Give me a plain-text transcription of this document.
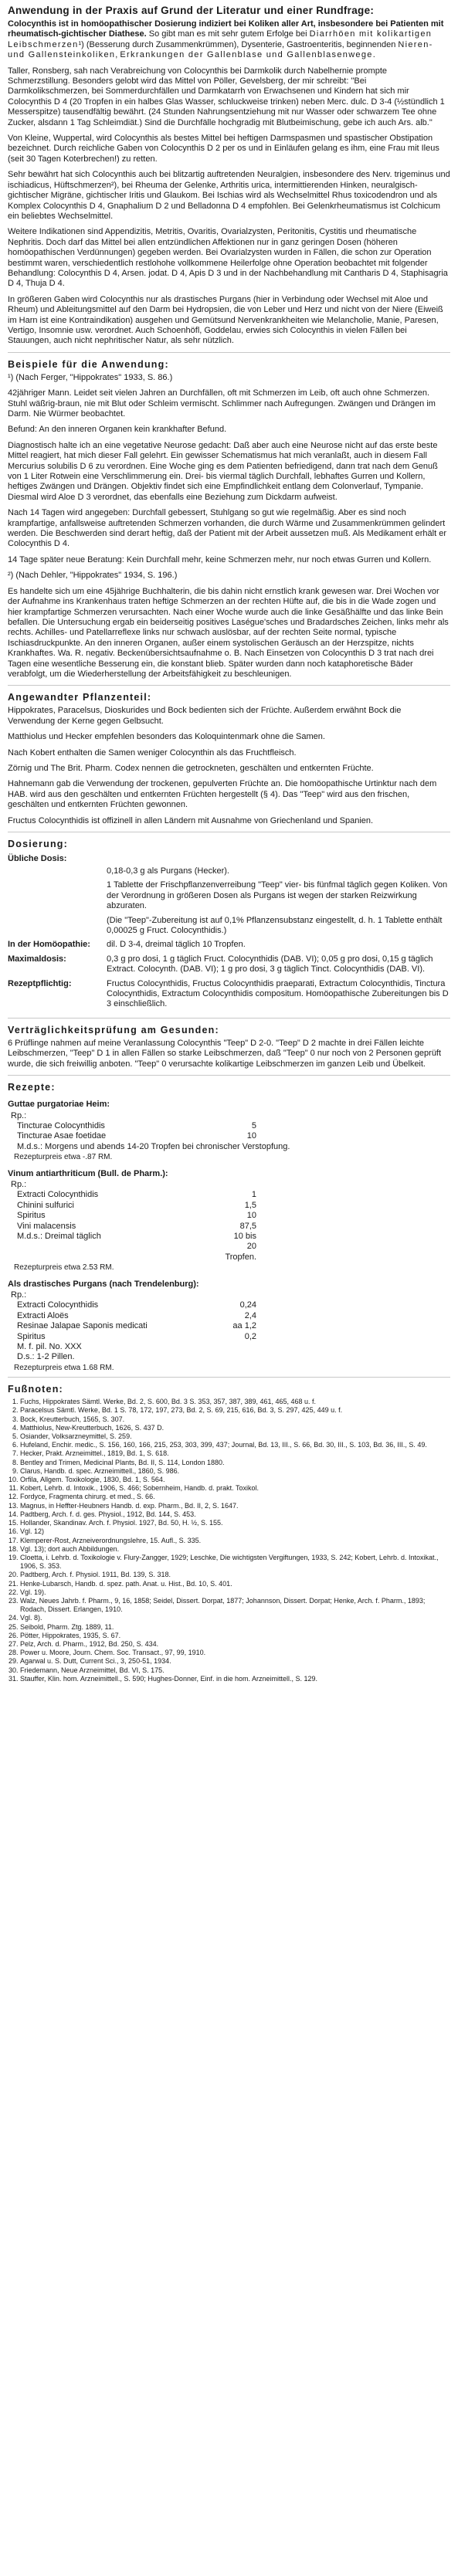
Anwendung in der Praxis auf Grund der Literatur und einer Rundfrage:

Colocynthis ist in homöopathischer Dosierung indiziert bei Koliken aller Art, insbesondere bei Patienten mit rheumatisch-gichtischer Diathese. So gibt man es mit sehr gutem Erfolge bei Diarrhöen mit kolikartigen Leibschmerzen¹) (Besserung durch Zusammenkrümmen), Dysenterie, Gastroenteritis, beginnenden Nieren- und Gallensteinkoliken, Erkrankungen der Gallenblase und Gallenblasenwege.

Taller, Ronsberg, sah nach Verabreichung von Colocynthis bei Darmkolik durch Nabelhernie prompte Schmerzstillung. Besonders gelobt wird das Mittel von Pöller, Gevelsberg, der mir schreibt: "Bei Darmkolikschmerzen, bei Sommerdurchfällen und Darmkatarrh von Erwachsenen und Kindern hat sich mir Colocynthis D 4 (20 Tropfen in ein halbes Glas Wasser, schluckweise trinken) neben Merc. dulc. D 3-4 (½stündlich 1 Messerspitze) tausendfältig bewährt. (24 Stunden Nahrungsentziehung mit nur Wasser oder schwarzem Tee ohne Zucker, alsdann 1 Tag Schleimdiät.) Sind die Durchfälle hochgradig mit Blutbeimischung, gebe ich auch Ars. alb."

Von Kleine, Wuppertal, wird Colocynthis als bestes Mittel bei heftigen Darmspasmen und spastischer Obstipation bezeichnet. Durch reichliche Gaben von Colocynthis D 2 per os und in Einläufen gelang es ihm, eine Frau mit Ileus (seit 30 Tagen Koterbrechen!) zu retten.

Sehr bewährt hat sich Colocynthis auch bei blitzartig auftretenden Neuralgien, insbesondere des Nerv. trigeminus und ischiadicus, Hüftschmerzen²), bei Rheuma der Gelenke, Arthritis urica, intermittierenden Hinken, neuralgisch-gichtischer Migräne, gichtischer Iritis und Glaukom. Bei Ischias wird als Wechselmittel Rhus toxicodendron und als Komplex Colocynthis D 4, Gnaphalium D 2 und Belladonna D 4 empfohlen. Bei Gelenkrheumatismus ist Colchicum ein beliebtes Wechselmittel.

Weitere Indikationen sind Appendizitis, Metritis, Ovaritis, Ovarialzysten, Peritonitis, Cystitis und rheumatische Nephritis. Doch darf das Mittel bei allen entzündlichen Affektionen nur in ganz geringen Dosen (höheren homöopathischen Verdünnungen) gegeben werden. Bei Ovarialzysten wurden in Fällen, die schon zur Operation bestimmt waren, verschiedentlich restlohohe vollkommene Heilerfolge ohne Operation beobachtet mit folgender Behandlung: Colocynthis D 4, Arsen. jodat. D 4, Apis D 3 und in der Nachbehandlung mit Cantharis D 4, Staphisagria D 4, Thuja D 4.

In größeren Gaben wird Colocynthis nur als drastisches Purgans (hier in Verbindung oder Wechsel mit Aloe und Rheum) und Ableitungsmittel auf den Darm bei Hydropsien, die von Leber und Herz und nicht von der Niere (Eiweiß im Harn ist eine Kontraindikation) ausgehen und Gemütsund Nervenkrankheiten wie Melancholie, Manie, Paresen, Vertigo, Insomnie usw. verordnet. Auch Schoenhöfl, Goddelau, erwies sich Colocynthis in vielen Fällen bei Stauungen, auch nicht nephritischer Natur, als sehr nützlich.

Beispiele für die Anwendung:

¹) (Nach Ferger, "Hippokrates" 1933, S. 86.)

42jähriger Mann. Leidet seit vielen Jahren an Durchfällen, oft mit Schmerzen im Leib, oft auch ohne Schmerzen. Stuhl wäßrig-braun, nie mit Blut oder Schleim vermischt. Schlimmer nach Aufregungen. Zwängen und Drängen im Darm. Nie Würmer beobachtet.

Befund: An den inneren Organen kein krankhafter Befund.

Diagnostisch halte ich an eine vegetative Neurose gedacht: Daß aber auch eine Neurose nicht auf das erste beste Mittel reagiert, hat mich dieser Fall gelehrt. Ein gewisser Schematismus hat mich veranlaßt, auch in diesem Fall Mercurius solubilis D 6 zu verordnen. Eine Woche ging es dem Patienten befriedigend, dann trat nach dem Genuß von 1 Liter Rotwein eine Verschlimmerung ein. Drei- bis viermal täglich Durchfall, lebhaftes Gurren und Kollern, heftiges Zwängen und Drängen. Objektiv findet sich eine Empfindlichkeit entlang dem Colonverlauf, Tympanie. Diesmal wird Aloe D 3 verordnet, das ebenfalls eine Beziehung zum Dickdarm aufweist.

Nach 14 Tagen wird angegeben: Durchfall gebessert, Stuhlgang so gut wie regelmäßig. Aber es sind noch krampfartige, anfallsweise auftretenden Schmerzen vorhanden, die durch Wärme und Zusammenkrümmen gelindert werden. Die Beschwerden sind derart heftig, daß der Patient mit der Arbeit aussetzen muß. Als Medikament erhält er Colocynthis D 4.

14 Tage später neue Beratung: Kein Durchfall mehr, keine Schmerzen mehr, nur noch etwas Gurren und Kollern.

²) (Nach Dehler, "Hippokrates" 1934, S. 196.)

Es handelte sich um eine 45jährige Buchhalterin, die bis dahin nicht ernstlich krank gewesen war. Drei Wochen vor der Aufnahme ins Krankenhaus traten heftige Schmerzen an der rechten Hüfte auf, die bis in die Wade zogen und hier krampfartige Schmerzen verursachten. Nach einer Woche wurde auch die linke Gesäßhälfte und das linke Bein befallen. Die Untersuchung ergab ein beiderseitig positives Laségue'sches und Bradardsches Zeichen, links mehr als rechts. Achilles- und Patellarreflexe links nur schwach auslösbar, auf der rechten Seite normal, typische Ischiasdruckpunkte. An den inneren Organen, außer einem systolischen Geräusch an der Herzspitze, nichts Krankhaftes. Wa. R. negativ. Beckenübersichtsaufnahme o. B. Nach Einsetzen von Colocynthis D 3 trat nach drei Tagen eine wesentliche Besserung ein, die konstant blieb. Später wurden dann noch kataphoretische Bäder verabfolgt, um die Wiederherstellung der Arbeitsfähigkeit zu beschleunigen.

Angewandter Pflanzenteil:

Hippokrates, Paracelsus, Dioskurides und Bock bedienten sich der Früchte. Außerdem erwähnt Bock die Verwendung der Kerne gegen Gelbsucht.

Matthiolus und Hecker empfehlen besonders das Koloquintenmark ohne die Samen.

Nach Kobert enthalten die Samen weniger Colocynthin als das Fruchtfleisch.

Zörnig und The Brit. Pharm. Codex nennen die getrockneten, geschälten und entkernten Früchte.

Hahnemann gab die Verwendung der trockenen, gepulverten Früchte an. Die homöopathische Urtinktur nach dem HAB. wird aus den geschälten und entkernten Früchten hergestellt (§ 4). Das "Teep" wird aus den frischen, geschälten und entkernten Früchten gewonnen.

Fructus Colocynthidis ist offizinell in allen Ländern mit Ausnahme von Griechenland und Spanien.

Dosierung:
Übliche Dosis:
	0,18-0,3 g als Purgans (Hecker).
	1 Tablette der Frischpflanzenverreibung "Teep" vier- bis fünfmal täglich gegen Koliken. Von der Verordnung in größeren Dosen als Purgans ist wegen der starken Reizwirkung abzuraten.
	(Die "Teep"-Zubereitung ist auf 0,1% Pflanzensubstanz eingestellt, d. h. 1 Tablette enthält 0,00025 g Fruct. Colocynthidis.)
In der Homöopathie:	dil. D 3-4, dreimal täglich 10 Tropfen.
Maximaldosis:	0,3 g pro dosi, 1 g täglich Fruct. Colocynthidis (DAB. VI); 0,05 g pro dosi, 0,15 g täglich Extract. Colocynth. (DAB. VI); 1 g pro dosi, 3 g täglich Tinct. Colocynthidis (DAB. VI).
Rezeptpflichtig:	Fructus Colocynthidis, Fructus Colocynthidis praeparati, Extractum Colocynthidis, Tinctura Colocynthidis, Extractum Colocynthidis compositum. Homöopathische Zubereitungen bis D 3 einschließlich.
Verträglichkeitsprüfung am Gesunden:

6 Prüflinge nahmen auf meine Veranlassung Colocynthis "Teep" D 2-0. "Teep" D 2 machte in drei Fällen leichte Leibschmerzen, "Teep" D 1 in allen Fällen so starke Leibschmerzen, daß "Teep" 0 nur noch von 2 Personen geprüft wurde, die sich freiwillig anboten. "Teep" 0 verursachte kolikartige Leibschmerzen im ganzen Leib und Übelkeit.

Rezepte:
Guttae purgatoriae Heim:
Rp.:
Tincturae Colocynthidis	5
Tincturae Asae foetidae	10
M.d.s.: Morgens und abends 14-20 Tropfen bei chronischer Verstopfung.
Rezepturpreis etwa -.87 RM.
Vinum antiarthriticum (Bull. de Pharm.):
Rp.:
Extracti Colocynthidis	1
Chinini sulfurici	1,5
Spiritus	10
Vini malacensis	87,5
M.d.s.: Dreimal täglich	10 bis
20
Tropfen.
Rezepturpreis etwa 2.53 RM.
Als drastisches Purgans (nach Trendelenburg):
Rp.:
Extracti Colocynthidis	0,24
Extracti Aloës	2,4
Resinae Jalapae Saponis medicati	aa 1,2
Spiritus	0,2
M. f. pil. No. XXX
D.s.: 1-2 Pillen.
Rezepturpreis etwa 1.68 RM.
Fußnoten:
1. Fuchs, Hippokrates Sämtl. Werke, Bd. 2, S. 600, Bd. 3 S. 353, 357, 387, 389, 461, 465, 468 u. f.
2. Paracelsus Sämtl. Werke, Bd. 1 S. 78, 172, 197, 273, Bd. 2, S. 69, 215, 616, Bd. 3, S. 297, 425, 449 u. f.
3. Bock, Kreutterbuch, 1565, S. 307.
4. Matthiolus, New-Kreutterbuch, 1626, S. 437 D.
5. Osiander, Volksarzneymittel, S. 259.
6. Hufeland, Enchir. medic., S. 156, 160, 166, 215, 253, 303, 399, 437; Journal, Bd. 13, III., S. 66, Bd. 30, III., S. 103, Bd. 36, III., S. 49.
7. Hecker, Prakt. Arzneimittel., 1819, Bd. 1, S. 618.
8. Bentley and Trimen, Medicinal Plants, Bd. II, S. 114, London 1880.
9. Clarus, Handb. d. spec. Arzneimittell., 1860, S. 986.
10. Orfila, Allgem. Toxikologie, 1830, Bd. 1, S. 564.
11. Kobert, Lehrb. d. Intoxik., 1906, S. 466; Sobernheim, Handb. d. prakt. Toxikol.
12. Fordyce, Fragmenta chirurg. et med., S. 66.
13. Magnus, in Heffter-Heubners Handb. d. exp. Pharm., Bd. II, 2, S. 1647.
14. Padtberg, Arch. f. d. ges. Physiol., 1912, Bd. 144, S. 453.
15. Hollander, Skandinav. Arch. f. Physiol. 1927, Bd. 50, H. ½, S. 155.
16. Vgl. 12)
17. Klemperer-Rost, Arzneiverordnungslehre, 15. Aufl., S. 335.
18. Vgl. 13); dort auch Abbildungen.
19. Cloetta, i. Lehrb. d. Toxikologie v. Flury-Zangger, 1929; Leschke, Die wichtigsten Vergiftungen, 1933, S. 242; Kobert, Lehrb. d. Intoxikat., 1906, S. 353.
20. Padtberg, Arch. f. Physiol. 1911, Bd. 139, S. 318.
21. Henke-Lubarsch, Handb. d. spez. path. Anat. u. Hist., Bd. 10, S. 401.
22. Vgl. 19).
23. Walz, Neues Jahrb. f. Pharm., 9, 16, 1858; Seidel, Dissert. Dorpat, 1877; Johannson, Dissert. Dorpat; Henke, Arch. f. Pharm., 1893; Rodach, Dissert. Erlangen, 1910.
24. Vgl. 8).
25. Seibold, Pharm. Ztg. 1889, 11.
26. Pötter, Hippokrates, 1935, S. 67.
27. Pelz, Arch. d. Pharm., 1912, Bd. 250, S. 434.
28. Power u. Moore, Journ. Chem. Soc. Transact., 97, 99, 1910.
29. Agarwal u. S. Dutt, Current Sci., 3, 250-51, 1934.
30. Friedemann, Neue Arzneimittel, Bd. VI, S. 175.
31. Stauffer, Klin. hom. Arzneimittell., S. 590; Hughes-Donner, Einf. in die hom. Arzneimittell., S. 129.
